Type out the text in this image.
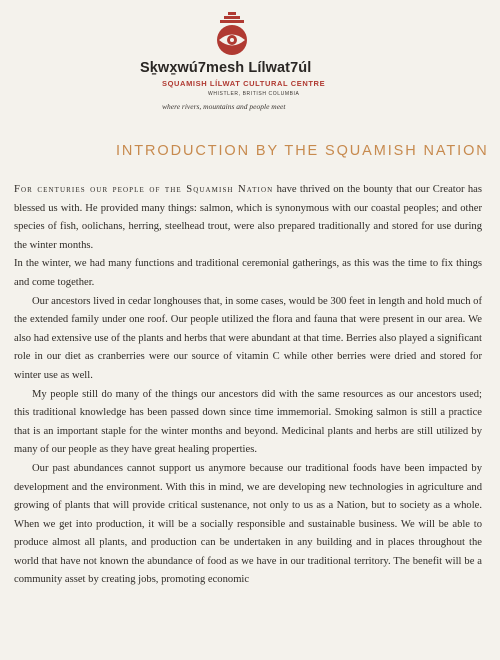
Sḵwx̱wú7mesh Lílwat7úl
SQUAMISH LÍLWAT CULTURAL CENTRE
WHISTLER, BRITISH COLUMBIA
where rivers, mountains and people meet
INTRODUCTION BY THE SQUAMISH NATION

For centuries our people of the Squamish Nation have thrived on the bounty that our Creator has blessed us with. He provided many things: salmon, which is synonymous with our coastal peoples; and other species of fish, oolichans, herring, steelhead trout, were also prepared traditionally and stored for use during the winter months.

In the winter, we had many functions and traditional ceremonial gatherings, as this was the time to fix things and come together.

Our ancestors lived in cedar longhouses that, in some cases, would be 300 feet in length and hold much of the extended family under one roof. Our people utilized the flora and fauna that were present in our area. We also had extensive use of the plants and herbs that were abundant at that time. Berries also played a significant role in our diet as cranberries were our source of vitamin C while other berries were dried and stored for winter use as well.

My people still do many of the things our ancestors did with the same resources as our ancestors used; this traditional knowledge has been passed down since time immemorial. Smoking salmon is still a practice that is an important staple for the winter months and beyond. Medicinal plants and herbs are still utilized by many of our people as they have great healing properties.

Our past abundances cannot support us anymore because our traditional foods have been impacted by development and the environment. With this in mind, we are developing new technologies in agriculture and growing of plants that will provide critical sustenance, not only to us as a Nation, but to society as a whole. When we get into production, it will be a socially responsible and sustainable business. We will be able to produce almost all plants, and production can be undertaken in any building and in places throughout the world that have not known the abundance of food as we have in our traditional territory. The benefit will be a community asset by creating jobs, promoting economic
